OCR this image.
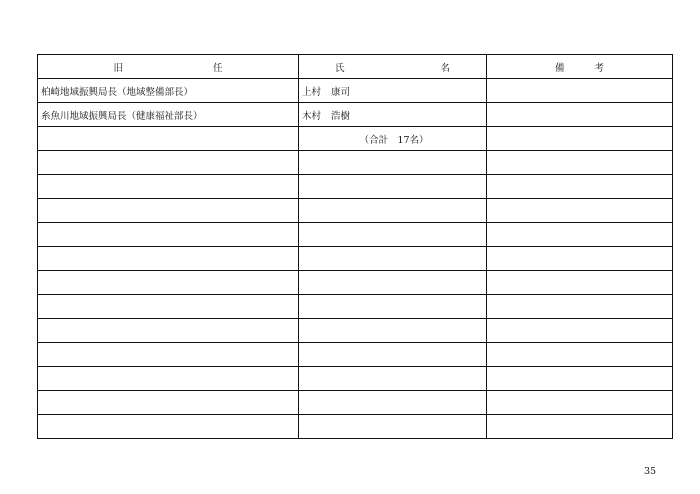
旧 任	氏 名	備 考

柏崎地域振興局長（地域整備部長）	上村 康司	
糸魚川地域振興局長（健康福祉部長）	木村 浩樹	
	（合計　17名）	

35
